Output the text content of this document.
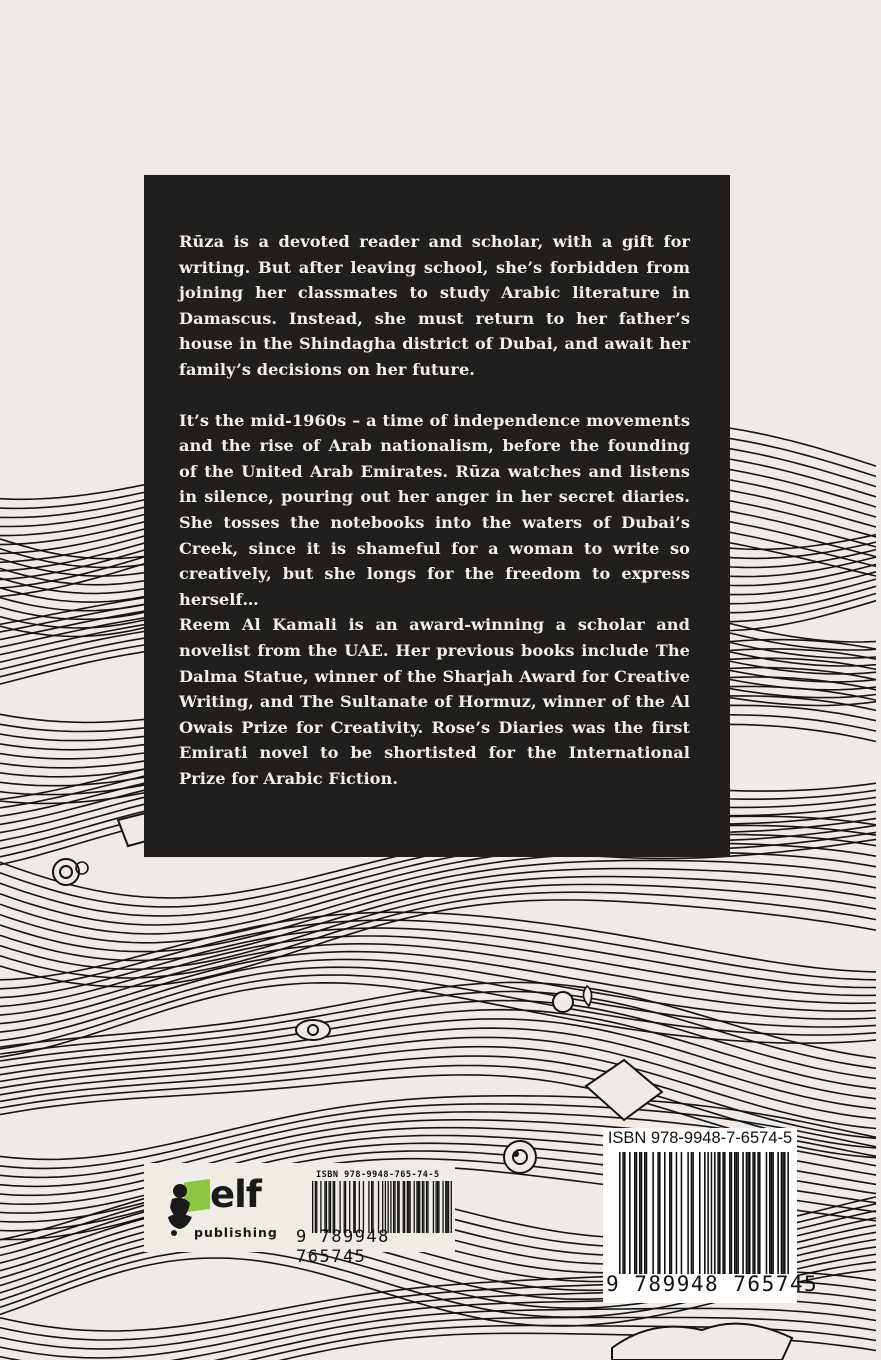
Rūza is a devoted reader and scholar, with a gift for writing. But after leaving school, she’s forbidden from joining her classmates to study Arabic literature in Damascus. Instead, she must return to her father’s house in the Shindagha district of Dubai, and await her family’s decisions on her future.

It’s the mid-1960s – a time of independence movements and the rise of Arab nationalism, before the founding of the United Arab Emirates. Rūza watches and listens in silence, pouring out her anger in her secret diaries. She tosses the notebooks into the waters of Dubai’s Creek, since it is shameful for a woman to write so creatively, but she longs for the freedom to express herself…

Reem Al Kamali is an award-winning a scholar and novelist from the UAE. Her previous books include The Dalma Statue, winner of the Sharjah Award for Creative Writing, and The Sultanate of Hormuz, winner of the Al Owais Prize for Creativity. Rose’s Diaries was the first Emirati novel to be shortisted for the International Prize for Arabic Fiction.

elf
publishing
ISBN 978-9948-765-74-5
9 789948 765745
ISBN 978-9948-7-6574-5
9 789948 765745
